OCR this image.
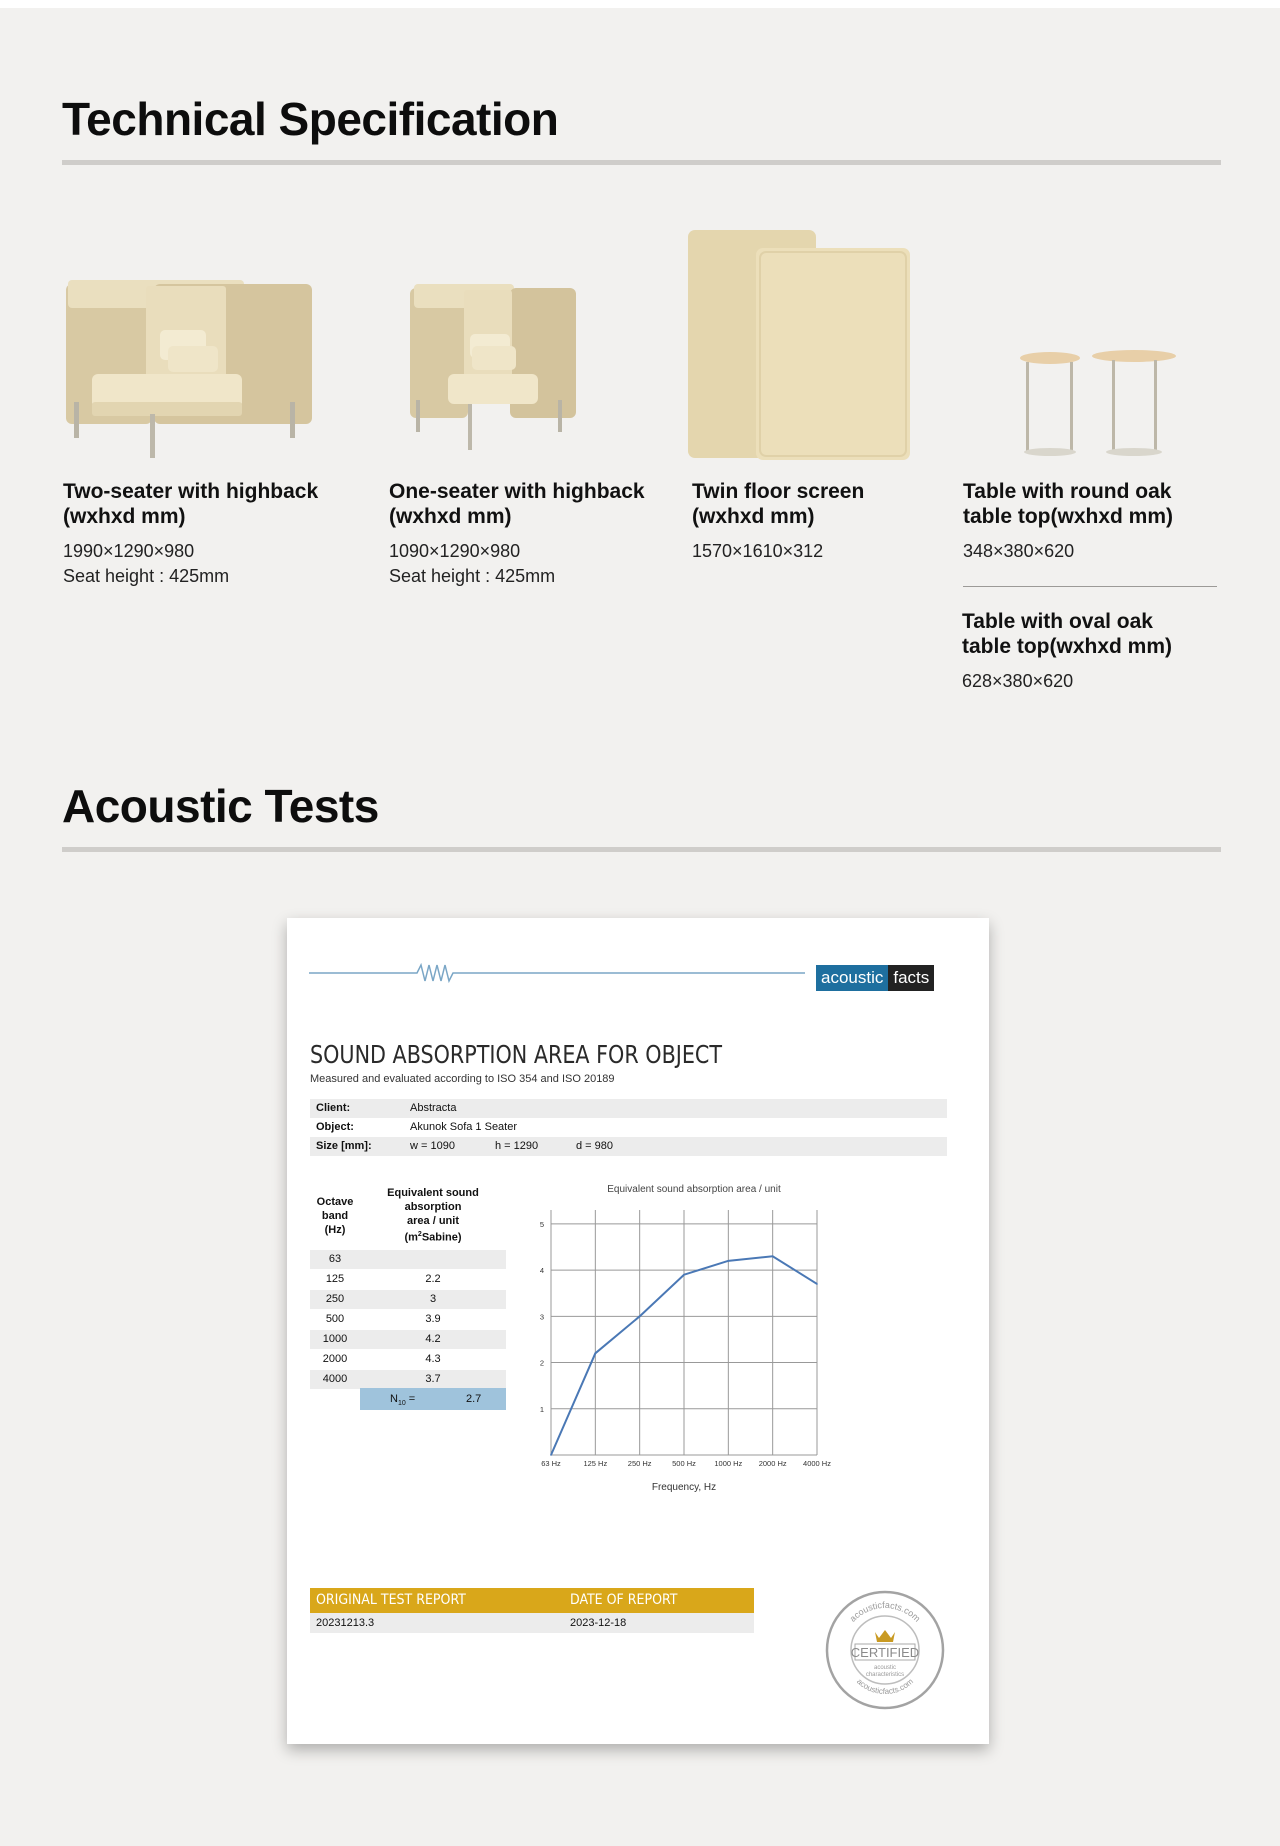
Technical Specification
Two-seater with highback
(wxhxd mm)
1990×1290×980
Seat height : 425mm
One-seater with highback
(wxhxd mm)
1090×1290×980
Seat height : 425mm
Twin floor screen
(wxhxd mm)
1570×1610×312
Table with round oak
table top(wxhxd mm)
348×380×620
Table with oval oak
table top(wxhxd mm)
628×380×620
Acoustic Tests
acoustic facts
SOUND ABSORPTION AREA FOR OBJECT
Measured and evaluated according to ISO 354 and ISO 20189
Client:	Abstracta
Object:	Akunok Sofa 1 Seater
Size [mm]:	w = 1090	h = 1290	d = 980
Octave
band
(Hz)
Equivalent sound
absorption
area / unit
$(m^2Sabine)$
63
125	2.2
250	3
500	3.9
1000	4.2
2000	4.3
4000	3.7
$N_{10}$ =	2.7
Equivalent sound absorption area / unit
63 Hz	125 Hz	250 Hz	500 Hz 1000 Hz 2000 Hz 4000 Hz
1
2
3
4
5
Frequency, Hz
ORIGINAL TEST REPORT	DATE OF REPORT
20231213.3	2023-12-18	acousticfacts.com
acousticfacts.com
CERTIFIED
acoustic
characteristics
